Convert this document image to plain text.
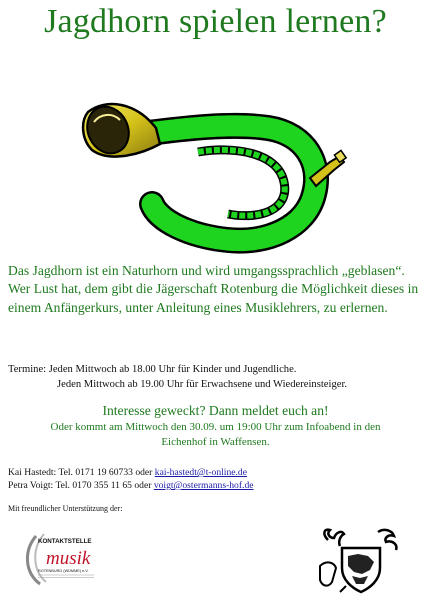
Jagdhorn spielen lernen?
Das Jagdhorn ist ein Naturhorn und wird umgangssprachlich „geblasen“. Wer Lust hat, dem gibt die Jägerschaft Rotenburg die Möglichkeit dieses in einem Anfängerkurs, unter Anleitung eines Musiklehrers, zu erlernen.
Termine: Jeden Mittwoch ab 18.00 Uhr für Kinder und Jugendliche.
Jeden Mittwoch ab 19.00 Uhr für Erwachsene und Wiedereinsteiger.
Interesse geweckt? Dann meldet euch an!
Oder kommt am Mittwoch den 30.09. um 19:00 Uhr zum Infoabend in den Eichenhof in Waffensen.
Kai Hastedt: Tel. 0171 19 60733 oder kai-hastedt@t-online.de
Petra Voigt: Tel. 0170 355 11 65 oder voigt@ostermanns-hof.de
Mit freundlicher Unterstützung der:
KONTAKTSTELLE
musik
ROTENBURG (WÜMME) e.V.
